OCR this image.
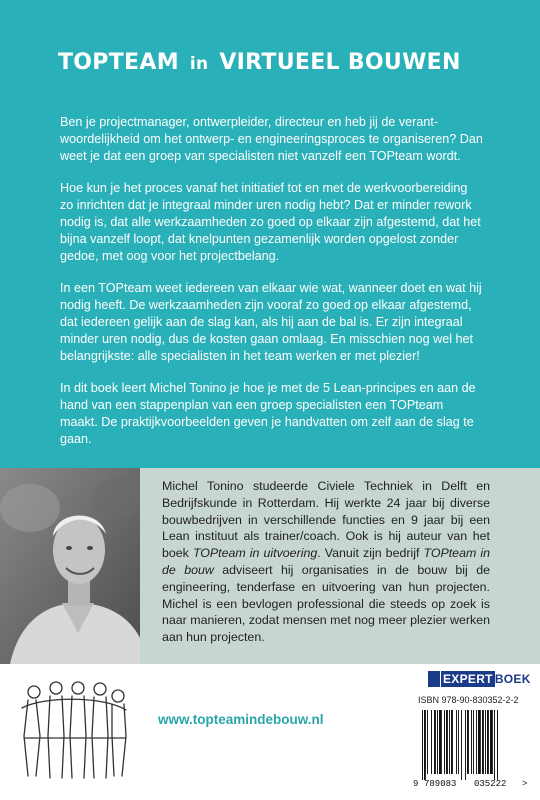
TOPTEAM in VIRTUEEL BOUWEN

Ben je projectmanager, ontwerpleider, directeur en heb jij de verant-woordelijkheid om het ontwerp- en engineeringsproces te organiseren? Dan weet je dat een groep van specialisten niet vanzelf een TOPteam wordt.

Hoe kun je het proces vanaf het initiatief tot en met de werkvoorbereiding zo inrichten dat je integraal minder uren nodig hebt? Dat er minder rework nodig is, dat alle werkzaamheden zo goed op elkaar zijn afgestemd, dat het bijna vanzelf loopt, dat knelpunten gezamenlijk worden opgelost zonder gedoe, met oog voor het projectbelang.

In een TOPteam weet iedereen van elkaar wie wat, wanneer doet en wat hij nodig heeft. De werkzaamheden zijn vooraf zo goed op elkaar afgestemd, dat iedereen gelijk aan de slag kan, als hij aan de bal is. Er zijn integraal minder uren nodig, dus de kosten gaan omlaag. En misschien nog wel het belangrijkste: alle specialisten in het team werken er met plezier!

In dit boek leert Michel Tonino je hoe je met de 5 Lean-principes en aan de hand van een stappenplan van een groep specialisten een TOPteam maakt. De praktijkvoorbeelden geven je handvatten om zelf aan de slag te gaan.

Michel Tonino studeerde Civiele Techniek in Delft en Bedrijfskunde in Rotterdam. Hij werkte 24 jaar bij diverse bouwbedrijven in verschillende functies en 9 jaar bij een Lean instituut als trainer/coach. Ook is hij auteur van het boek TOPteam in uitvoering. Vanuit zijn bedrijf TOPteam in de bouw adviseert hij organisaties in de bouw bij de engineering, tenderfase en uitvoering van hun projecten. Michel is een bevlogen professional die steeds op zoek is naar manieren, zodat mensen met nog meer plezier werken aan hun projecten.
www.topteamindebouw.nl
EXPERT BOEK
ISBN 978-90-830352-2-2
9 789083 035222 >
